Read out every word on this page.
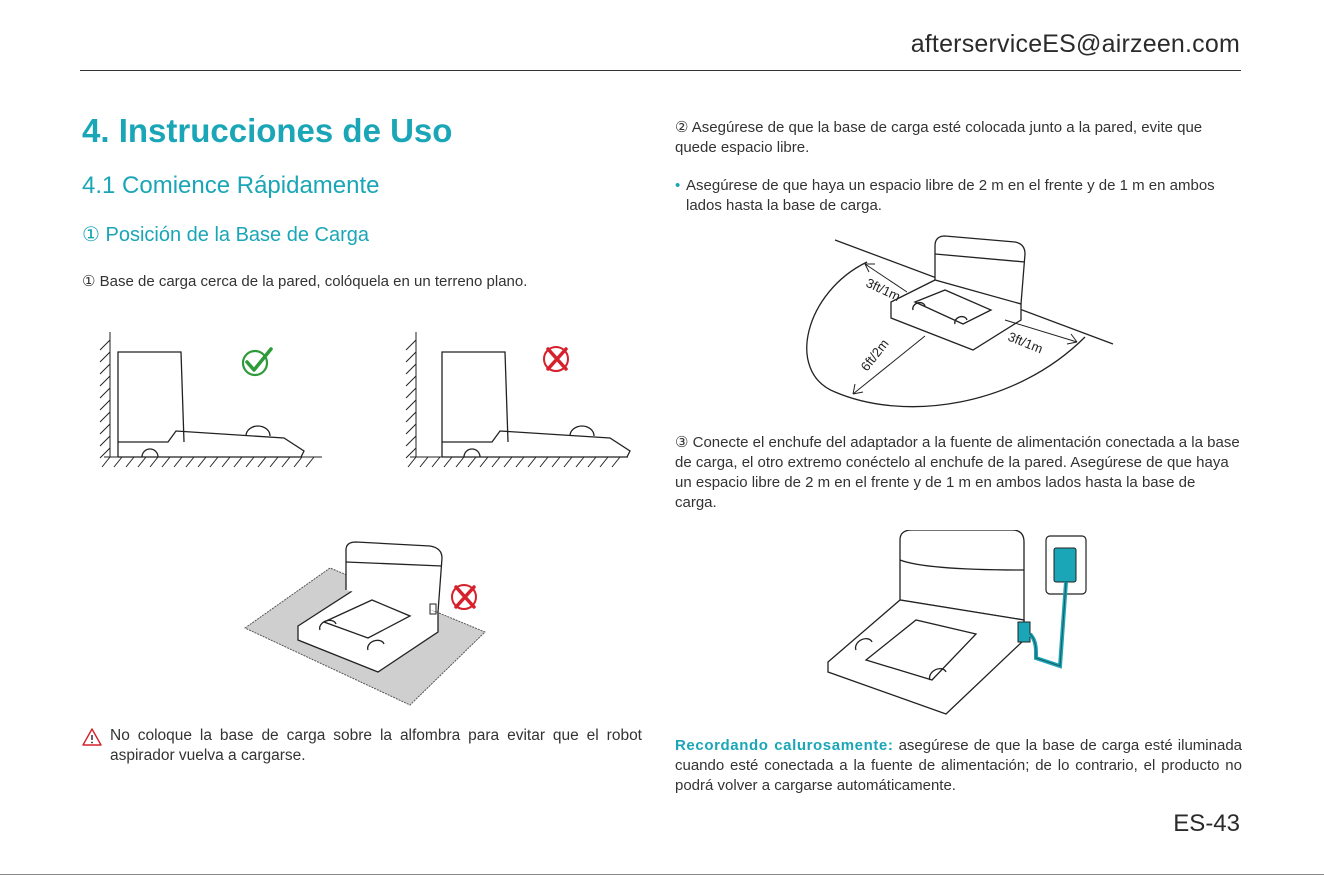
afterserviceES@airzeen.com
4. Instrucciones de Uso
4.1 Comience Rápidamente
① Posición de la Base de Carga
① Base de carga cerca de la pared, colóquela en un terreno plano.
No coloque la base de carga sobre la alfombra para evitar que el robot aspirador vuelva a cargarse.
② Asegúrese de que la base de carga esté colocada junto a la pared, evite que quede espacio libre.
• Asegúrese de que haya un espacio libre de 2 m en el frente y de 1 m en ambos lados hasta la base de carga.
3ft/1m
3ft/1m
6ft/2m
③ Conecte el enchufe del adaptador a la fuente de alimentación conectada a la base de carga, el otro extremo conéctelo al enchufe de la pared. Asegúrese de que haya un espacio libre de 2 m en el frente y de 1 m en ambos lados hasta la base de carga.
Recordando calurosamente: asegúrese de que la base de carga esté iluminada cuando esté conectada a la fuente de alimentación; de lo contrario, el producto no podrá volver a cargarse automáticamente.
ES-43
